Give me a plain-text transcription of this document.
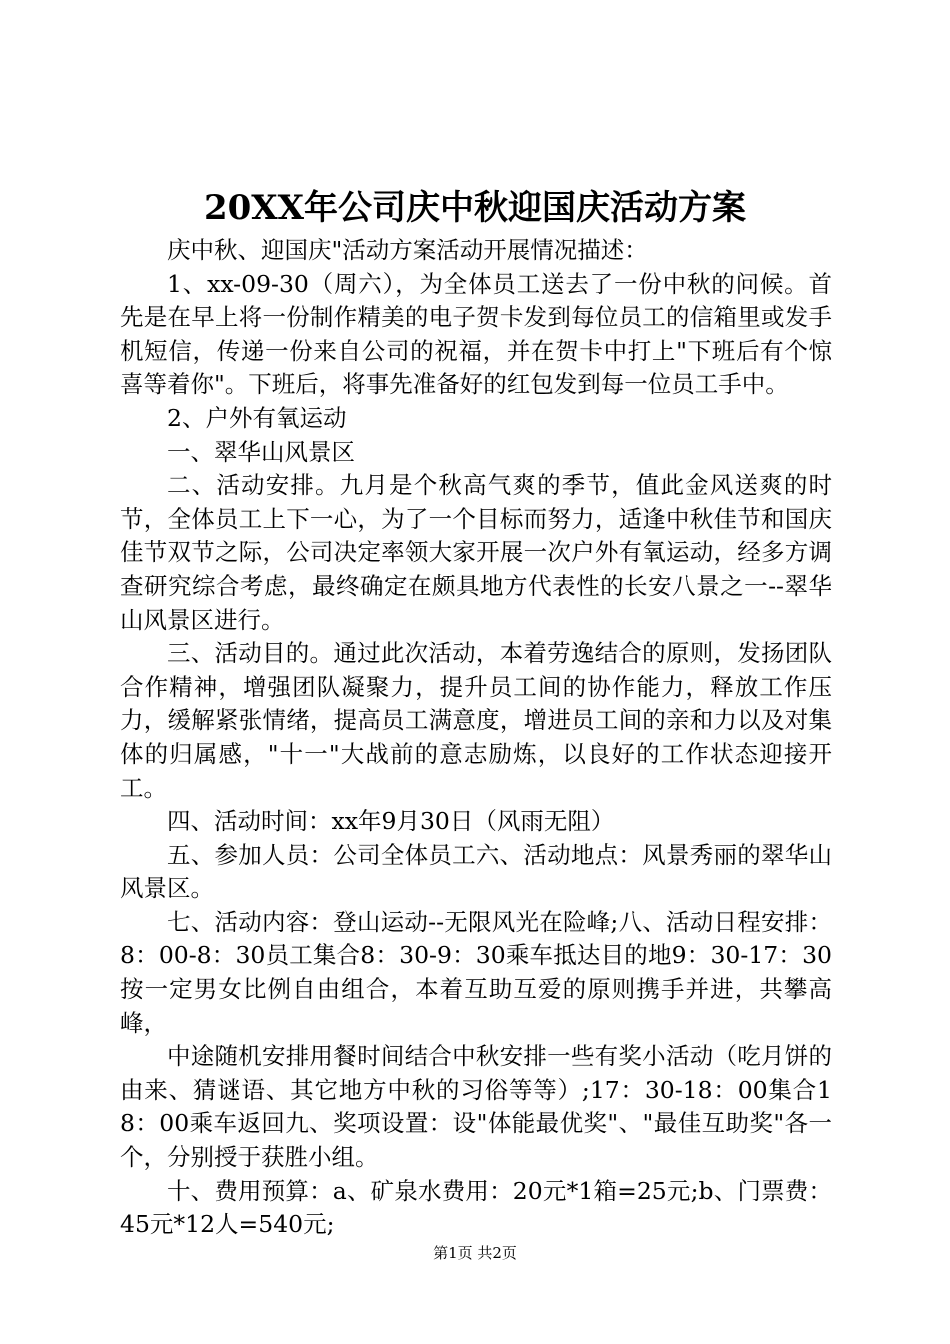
20XX年公司庆中秋迎国庆活动方案

庆中秋、迎国庆"活动方案活动开展情况描述：

1、xx-09-30（周六），为全体员工送去了一份中秋的问候。首先是在早上将一份制作精美的电子贺卡发到每位员工的信箱里或发手机短信，传递一份来自公司的祝福，并在贺卡中打上"下班后有个惊喜等着你"。下班后，将事先准备好的红包发到每一位员工手中。

2、户外有氧运动

一、翠华山风景区

二、活动安排。九月是个秋高气爽的季节，值此金风送爽的时节，全体员工上下一心，为了一个目标而努力，适逢中秋佳节和国庆佳节双节之际，公司决定率领大家开展一次户外有氧运动，经多方调查研究综合考虑，最终确定在颇具地方代表性的长安八景之一--翠华山风景区进行。

三、活动目的。通过此次活动，本着劳逸结合的原则，发扬团队合作精神，增强团队凝聚力，提升员工间的协作能力，释放工作压力，缓解紧张情绪，提高员工满意度，增进员工间的亲和力以及对集体的归属感，"十一"大战前的意志励炼，以良好的工作状态迎接开工。

四、活动时间：xx年9月30日（风雨无阻）

五、参加人员：公司全体员工六、活动地点：风景秀丽的翠华山风景区。

七、活动内容：登山运动--无限风光在险峰;八、活动日程安排：8：00-8：30员工集合8：30-9：30乘车抵达目的地9：30-17：30按一定男女比例自由组合，本着互助互爱的原则携手并进，共攀高峰，

中途随机安排用餐时间结合中秋安排一些有奖小活动（吃月饼的由来、猜谜语、其它地方中秋的习俗等等）;17：30-18：00集合18：00乘车返回九、奖项设置：设"体能最优奖"、"最佳互助奖"各一个，分别授于获胜小组。

十、费用预算：a、矿泉水费用：20元*1箱=25元;b、门票费：45元*12人=540元;

第1页 共2页
